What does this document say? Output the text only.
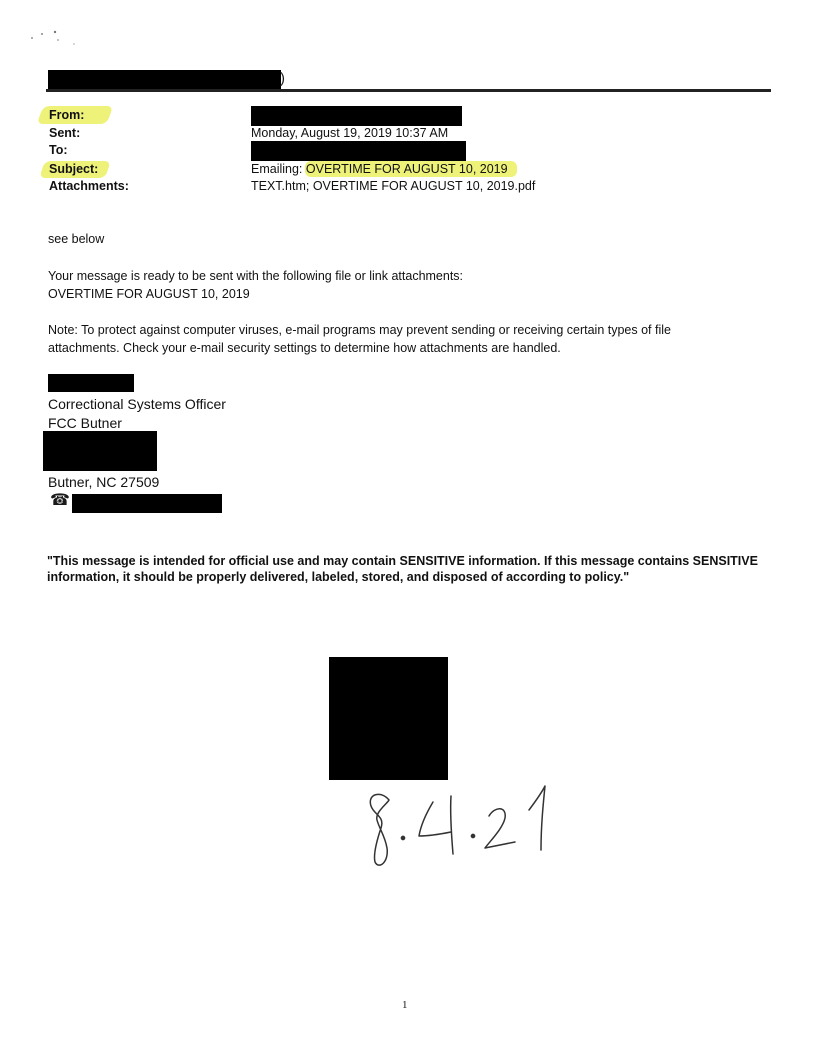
)
From:
Sent:
To:
Subject:
Attachments:
Monday, August 19, 2019 10:37 AM
Emailing: OVERTIME FOR AUGUST 10, 2019
TEXT.htm; OVERTIME FOR AUGUST 10, 2019.pdf
see below
Your message is ready to be sent with the following file or link attachments:
OVERTIME FOR AUGUST 10, 2019
Note: To protect against computer viruses, e-mail programs may prevent sending or receiving certain types of file attachments. Check your e-mail security settings to determine how attachments are handled.
Correctional Systems Officer
FCC Butner
Butner, NC 27509
☎
"This message is intended for official use and may contain SENSITIVE information. If this message contains SENSITIVE information, it should be properly delivered, labeled, stored, and disposed of according to policy."
1
